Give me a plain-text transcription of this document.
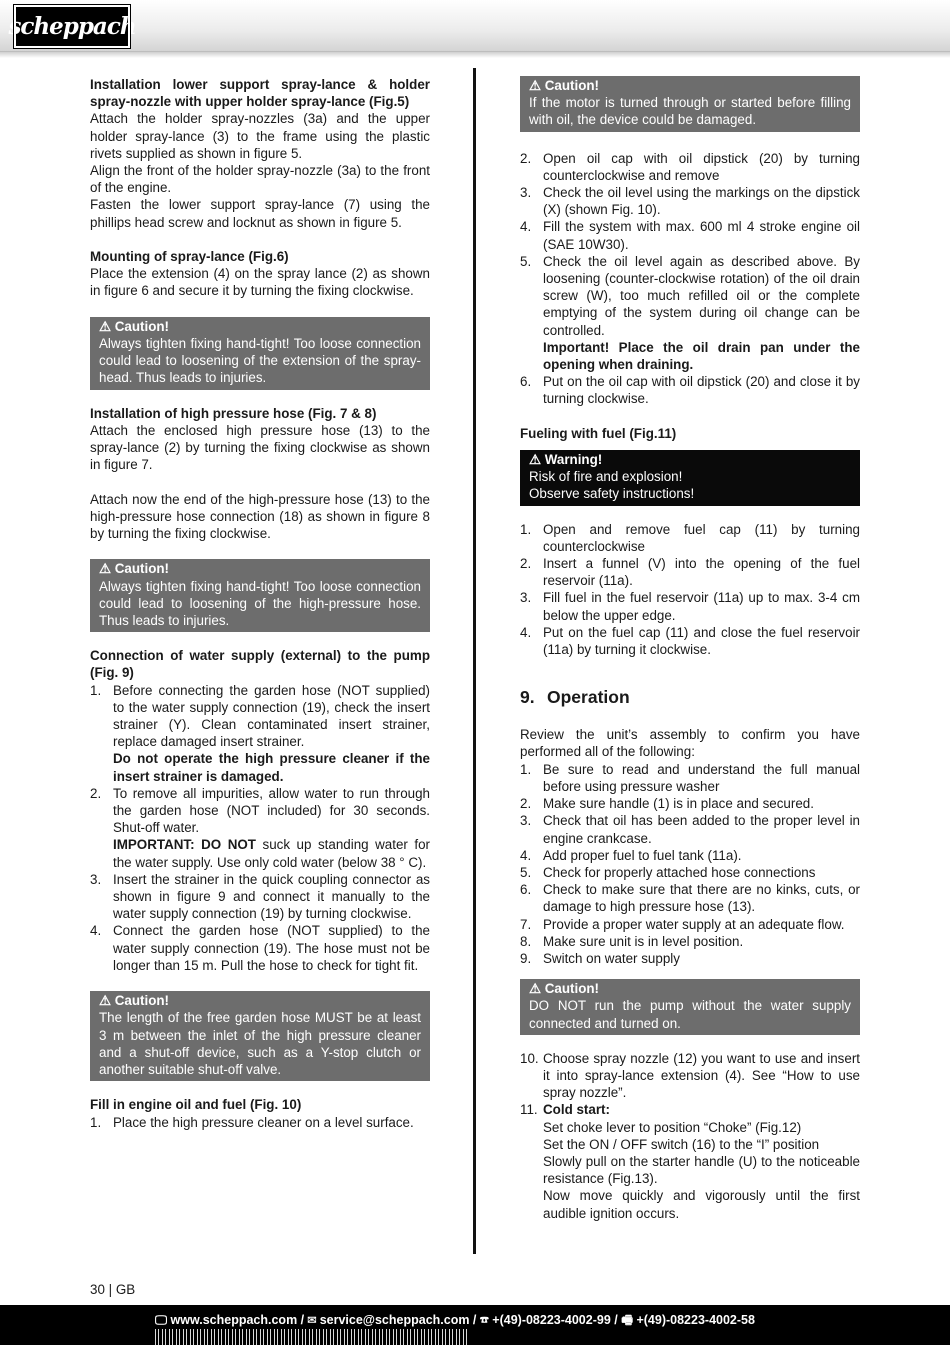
scheppach
Installation lower support spray-lance & holder spray-nozzle with upper holder spray-lance (Fig.5)
Attach the holder spray-nozzles (3a) and the upper holder spray-lance (3) to the frame using the plastic rivets supplied as shown in figure 5.
Align the front of the holder spray-nozzle (3a) to the front of the engine.
Fasten the lower support spray-lance (7) using the phillips head screw and locknut as shown in figure 5.
Mounting of spray-lance (Fig.6)
Place the extension (4) on the spray lance (2) as shown in figure 6 and secure it by turning the fixing clockwise.
⚠ Caution!
Always tighten fixing hand-tight! Too loose connection could lead to loosening of the extension of the spray-head. Thus leads to injuries.
Installation of high pressure hose (Fig. 7 & 8)
Attach the enclosed high pressure hose (13) to the spray-lance (2) by turning the fixing clockwise as shown in figure 7.
Attach now the end of the high-pressure hose (13) to the high-pressure hose connection (18) as shown in figure 8 by turning the fixing clockwise.
⚠ Caution!
Always tighten fixing hand-tight! Too loose connection could lead to loosening of the high-pressure hose. Thus leads to injuries.
Connection of water supply (external) to the pump (Fig. 9)
1. Before connecting the garden hose (NOT supplied) to the water supply connection (19), check the insert strainer (Y). Clean contaminated insert strainer, replace damaged insert strainer.
Do not operate the high pressure cleaner if the insert strainer is damaged.
2. To remove all impurities, allow water to run through the garden hose (NOT included) for 30 seconds. Shut-off water.
IMPORTANT: DO NOT suck up standing water for the water supply. Use only cold water (below 38 ° C).
3. Insert the strainer in the quick coupling connector as shown in figure 9 and connect it manually to the water supply connection (19) by turning clockwise.
4. Connect the garden hose (NOT supplied) to the water supply connection (19). The hose must not be longer than 15 m. Pull the hose to check for tight fit.
⚠ Caution!
The length of the free garden hose MUST be at least 3 m between the inlet of the high pressure cleaner and a shut-off device, such as a Y-stop clutch or another suitable shut-off valve.
Fill in engine oil and fuel (Fig. 10)
1. Place the high pressure cleaner on a level surface.
⚠ Caution!
If the motor is turned through or started before filling with oil, the device could be damaged.
2. Open oil cap with oil dipstick (20) by turning counterclockwise and remove
3. Check the oil level using the markings on the dipstick (X) (shown Fig. 10).
4. Fill the system with max. 600 ml 4 stroke engine oil (SAE 10W30).
5. Check the oil level again as described above. By loosening (counter-clockwise rotation) of the oil drain screw (W), too much refilled oil or the complete emptying of the system during oil change can be controlled.
Important! Place the oil drain pan under the opening when draining.
6. Put on the oil cap with oil dipstick (20) and close it by turning clockwise.
Fueling with fuel (Fig.11)
⚠ Warning!
Risk of fire and explosion!
Observe safety instructions!
1. Open and remove fuel cap (11) by turning counterclockwise
2. Insert a funnel (V) into the opening of the fuel reservoir (11a).
3. Fill fuel in the fuel reservoir (11a) up to max. 3-4 cm below the upper edge.
4. Put on the fuel cap (11) and close the fuel reservoir (11a) by turning it clockwise.
9. Operation
Review the unit’s assembly to confirm you have performed all of the following:
1. Be sure to read and understand the full manual before using pressure washer
2. Make sure handle (1) is in place and secured.
3. Check that oil has been added to the proper level in engine crankcase.
4. Add proper fuel to fuel tank (11a).
5. Check for properly attached hose connections
6. Check to make sure that there are no kinks, cuts, or damage to high pressure hose (13).
7. Provide a proper water supply at an adequate flow.
8. Make sure unit is in level position.
9. Switch on water supply
⚠ Caution!
DO NOT run the pump without the water supply connected and turned on.
10. Choose spray nozzle (12) you want to use and insert it into spray-lance extension (4). See “How to use spray nozzle”.
11. Cold start:
Set choke lever to position “Choke” (Fig.12)
Set the ON / OFF switch (16) to the “I” position
Slowly pull on the starter handle (U) to the noticeable resistance (Fig.13).
Now move quickly and vigorously until the first audible ignition occurs.
30 | GB
🖵 www.scheppach.com / ✉ service@scheppach.com / ☎ +(49)-08223-4002-99 / 🖷 +(49)-08223-4002-58
